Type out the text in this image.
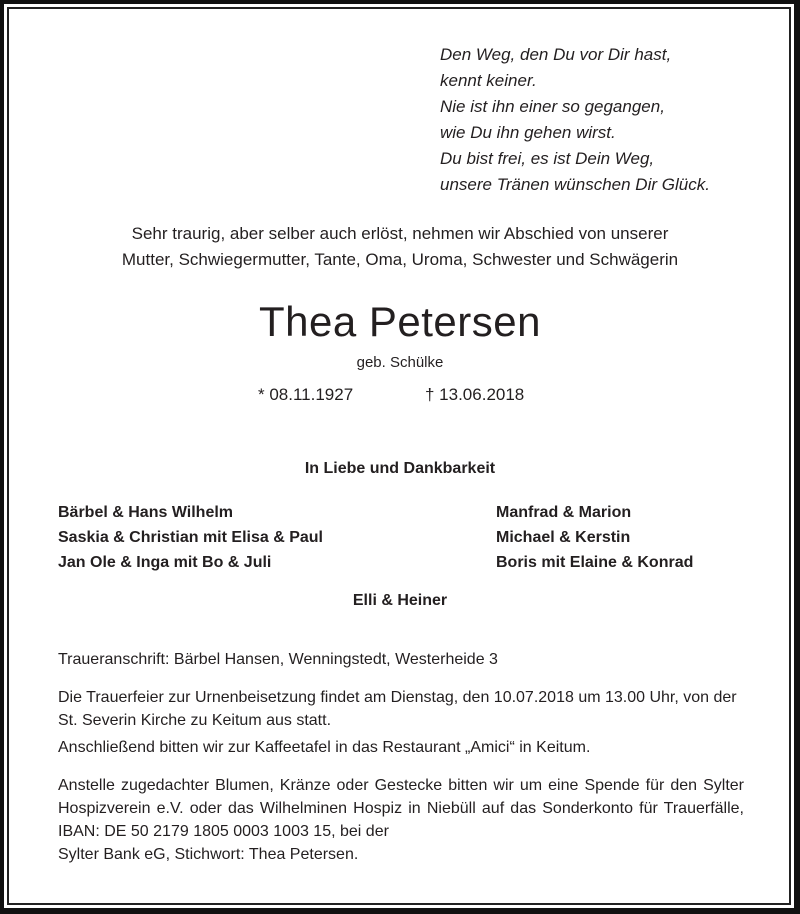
Den Weg, den Du vor Dir hast,
kennt keiner.
Nie ist ihn einer so gegangen,
wie Du ihn gehen wirst.
Du bist frei, es ist Dein Weg,
unsere Tränen wünschen Dir Glück.
Sehr traurig, aber selber auch erlöst, nehmen wir Abschied von unserer
Mutter, Schwiegermutter, Tante, Oma, Uroma, Schwester und Schwägerin
Thea Petersen
geb. Schülke
* 08.11.1927	† 13.06.2018
In Liebe und Dankbarkeit
Bärbel & Hans Wilhelm
Saskia & Christian mit Elisa & Paul
Jan Ole & Inga mit Bo & Juli
Manfrad & Marion
Michael & Kerstin
Boris mit Elaine & Konrad
Elli & Heiner
Traueranschrift: Bärbel Hansen, Wenningstedt, Westerheide 3
Die Trauerfeier zur Urnenbeisetzung findet am Dienstag, den 10.07.2018 um 13.00 Uhr, von der St. Severin Kirche zu Keitum aus statt.
Anschließend bitten wir zur Kaffeetafel in das Restaurant „Amici“ in Keitum.
Anstelle zugedachter Blumen, Kränze oder Gestecke bitten wir um eine Spende für den Sylter Hospizverein e.V. oder das Wilhelminen Hospiz in Niebüll auf das Sonderkonto für Trauerfälle, IBAN: DE 50 2179 1805 0003 1003 15, bei der
Sylter Bank eG, Stichwort: Thea Petersen.
